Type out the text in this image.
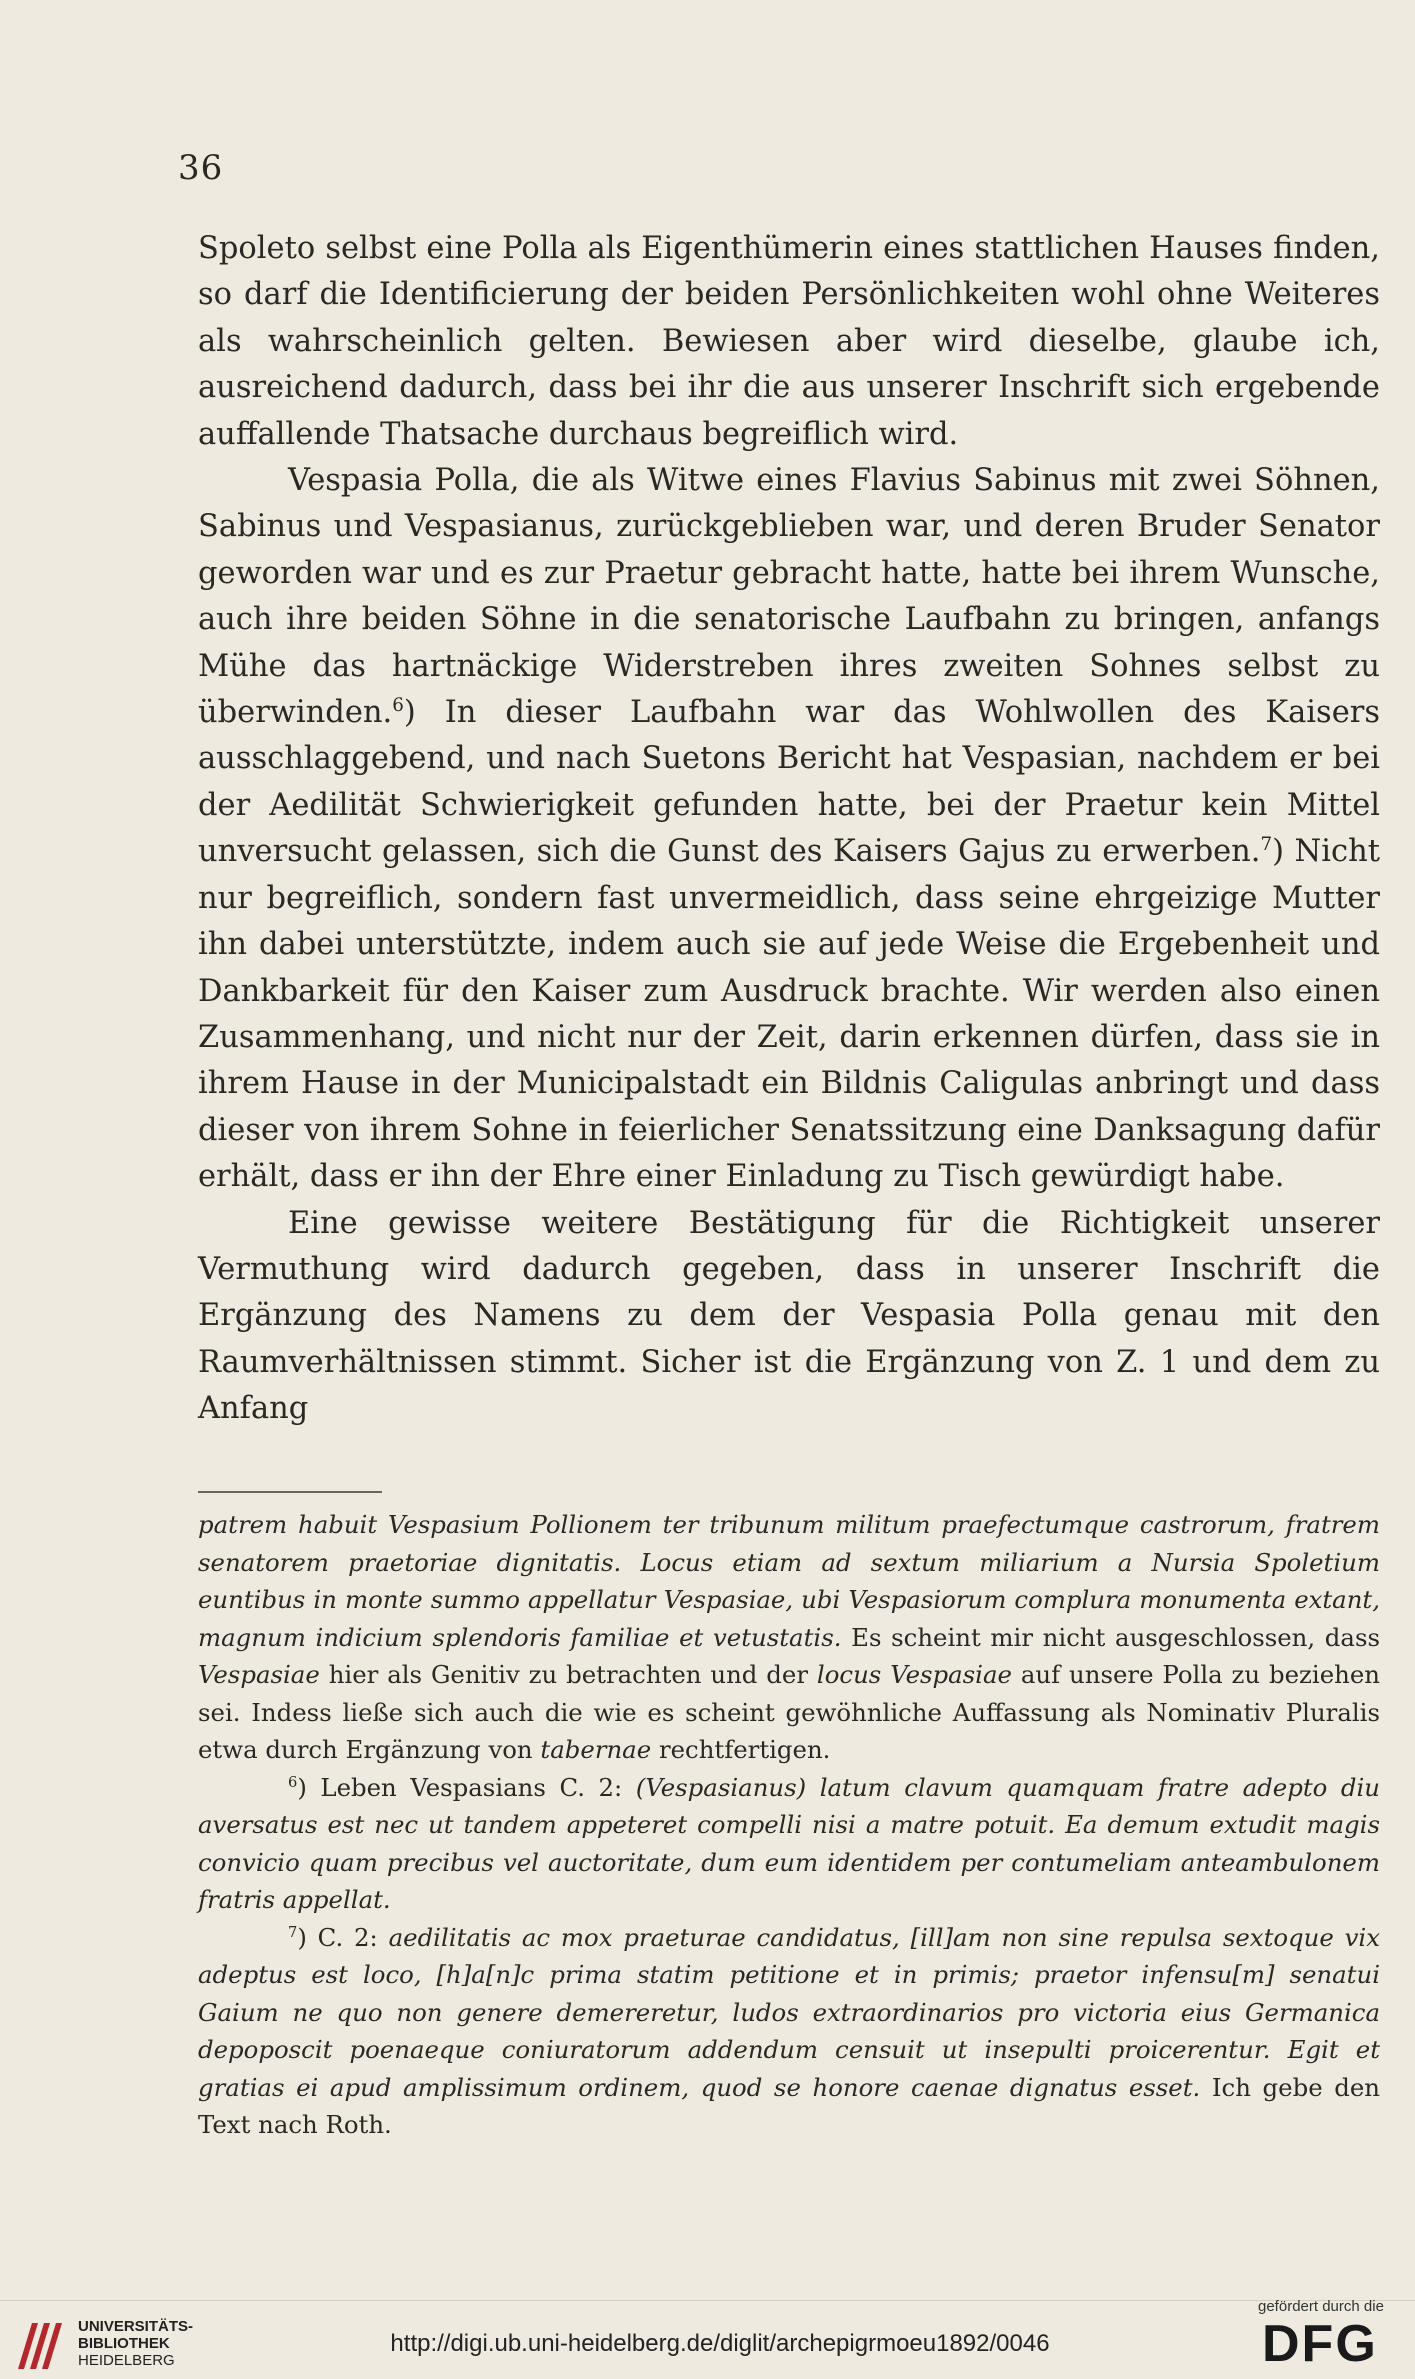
36

Spoleto selbst eine Polla als Eigenthümerin eines stattlichen Hauses finden, so darf die Identificierung der beiden Persönlichkeiten wohl ohne Weiteres als wahrscheinlich gelten. Bewiesen aber wird dieselbe, glaube ich, ausreichend dadurch, dass bei ihr die aus unserer Inschrift sich ergebende auffallende Thatsache durchaus begreiflich wird.

Vespasia Polla, die als Witwe eines Flavius Sabinus mit zwei Söhnen, Sabinus und Vespasianus, zurückgeblieben war, und deren Bruder Senator geworden war und es zur Praetur gebracht hatte, hatte bei ihrem Wunsche, auch ihre beiden Söhne in die senatorische Laufbahn zu bringen, anfangs Mühe das hartnäckige Widerstreben ihres zweiten Sohnes selbst zu überwinden.$^6$) In dieser Laufbahn war das Wohlwollen des Kaisers ausschlaggebend, und nach Suetons Bericht hat Vespasian, nachdem er bei der Aedilität Schwierigkeit gefunden hatte, bei der Praetur kein Mittel unversucht gelassen, sich die Gunst des Kaisers Gajus zu erwerben.$^7$) Nicht nur begreiflich, sondern fast unvermeidlich, dass seine ehrgeizige Mutter ihn dabei unterstützte, indem auch sie auf jede Weise die Ergebenheit und Dankbarkeit für den Kaiser zum Ausdruck brachte. Wir werden also einen Zusammenhang, und nicht nur der Zeit, darin erkennen dürfen, dass sie in ihrem Hause in der Municipalstadt ein Bildnis Caligulas anbringt und dass dieser von ihrem Sohne in feierlicher Senatssitzung eine Danksagung dafür erhält, dass er ihn der Ehre einer Einladung zu Tisch gewürdigt habe.

Eine gewisse weitere Bestätigung für die Richtigkeit unserer Vermuthung wird dadurch gegeben, dass in unserer Inschrift die Ergänzung des Namens zu dem der Vespasia Polla genau mit den Raumverhältnissen stimmt. Sicher ist die Ergänzung von Z. 1 und dem zu Anfang

patrem habuit Vespasium Pollionem ter tribunum militum praefectumque castrorum, fratrem senatorem praetoriae dignitatis. Locus etiam ad sextum miliarium a Nursia Spoletium euntibus in monte summo appellatur Vespasiae, ubi Vespasiorum complura monumenta extant, magnum indicium splendoris familiae et vetustatis. Es scheint mir nicht ausgeschlossen, dass Vespasiae hier als Genitiv zu betrachten und der locus Vespasiae auf unsere Polla zu beziehen sei. Indess ließe sich auch die wie es scheint gewöhnliche Auffassung als Nominativ Pluralis etwa durch Ergänzung von tabernae rechtfertigen.

$^6$) Leben Vespasians C. 2: (Vespasianus) latum clavum quamquam fratre adepto diu aversatus est nec ut tandem appeteret compelli nisi a matre potuit. Ea demum extudit magis convicio quam precibus vel auctoritate, dum eum identidem per contumeliam anteambulonem fratris appellat.

$^7$) C. 2: aedilitatis ac mox praeturae candidatus, [ill]am non sine repulsa sextoque vix adeptus est loco, [h]a[n]c prima statim petitione et in primis; praetor infensu[m] senatui Gaium ne quo non genere demereretur, ludos extraordinarios pro victoria eius Germanica depoposcit poenaeque coniuratorum addendum censuit ut insepulti proicerentur. Egit et gratias ei apud amplissimum ordinem, quod se honore caenae dignatus esset. Ich gebe den Text nach Roth.

UNIVERSITÄTS-
BIBLIOTHEK
HEIDELBERG
http://digi.ub.uni-heidelberg.de/diglit/archepigrmoeu1892/0046
gefördert durch die
DFG
